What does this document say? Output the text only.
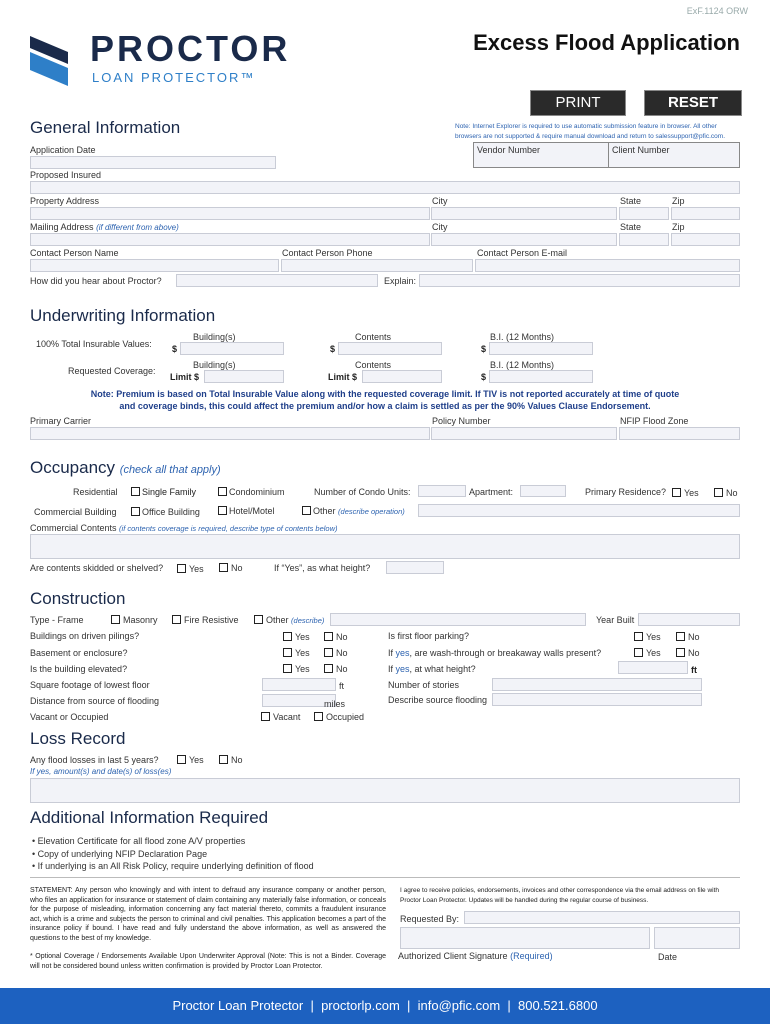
ExF.1124 ORW
PROCTOR
LOAN PROTECTOR™
Excess Flood Application
PRINT	RESET
General Information	Note: Internet Explorer is required to use automatic submission feature in browser. All other
browsers are not supported & require manual download and return to salessupport@pfic.com.
Application Date	Vendor Number	Client Number
Proposed Insured
Property Address	City	State	Zip
Mailing Address (if different from above)	City	State	Zip
Contact Person Name	Contact Person Phone	Contact Person E-mail
How did you hear about Proctor?	Explain:
Underwriting Information
Building(s)	Contents	B.I. (12 Months)
100% Total Insurable Values: $	$	$
Building(s)	Contents	B.I. (12 Months)
Requested Coverage:
Limit $	Limit $	$
Note: Premium is based on Total Insurable Value along with the requested coverage limit. If TIV is not reported accurately at time of quote
and coverage binds, this could affect the premium and/or how a claim is settled as per the 90% Values Clause Endorsement.
Primary Carrier	Policy Number	NFIP Flood Zone
Occupancy (check all that apply)
Residential	Single Family	Condominium	Number of Condo Units:	Apartment:	Primary Residence? Yes	No
Commercial Building	Office Building	Hotel/Motel	Other (describe operation)
Commercial Contents (if contents coverage is required, describe type of contents below)
Are contents skidded or shelved?	Yes	No	If “Yes”, as what height?
Construction
Type - Frame	Masonry	Fire Resistive	Other (describe)	Year Built
Buildings on driven pilings?	Yes	No
Basement or enclosure?	Yes	No
Is the building elevated?	Yes	No
Square footage of lowest floor	ft
Distance from source of flooding	miles
Vacant or Occupied	Vacant	Occupied
Is first floor parking?	Yes	No
If yes, are wash-through or breakaway walls present?	Yes	No
If yes, at what height?	ft
Number of stories
Describe source flooding
Loss Record
Any flood losses in last 5 years?	Yes	No
If yes, amount(s) and date(s) of loss(es)
Additional Information Required
• Elevation Certificate for all flood zone A/V properties
• Copy of underlying NFIP Declaration Page
• If underlying is an All Risk Policy, require underlying definition of flood
STATEMENT: Any person who knowingly and with intent to defraud any insurance company or another person, who files an application for insurance or statement of claim containing any materially false information, or conceals for the purpose of misleading, information concerning any fact material thereto, commits a fraudulent insurance act, which is a crime and subjects the person to criminal and civil penalties. This application becomes a part of the insurance policy if bound. I have read and fully understand the above information, as well as answered the questions to the best of my knowledge.
* Optional Coverage / Endorsements Available Upon Underwriter Approval (Note: This is not a Binder. Coverage will not be considered bound unless written confirmation is provided by Proctor Loan Protector.
I agree to receive policies, endorsements, invoices and other correspondence via the email address on file with Proctor Loan Protector. Updates will be handled during the regular course of business.
Requested By:
Authorized Client Signature (Required)	Date
Proctor Loan Protector  |  proctorlp.com  |  info@pfic.com  |  800.521.6800
